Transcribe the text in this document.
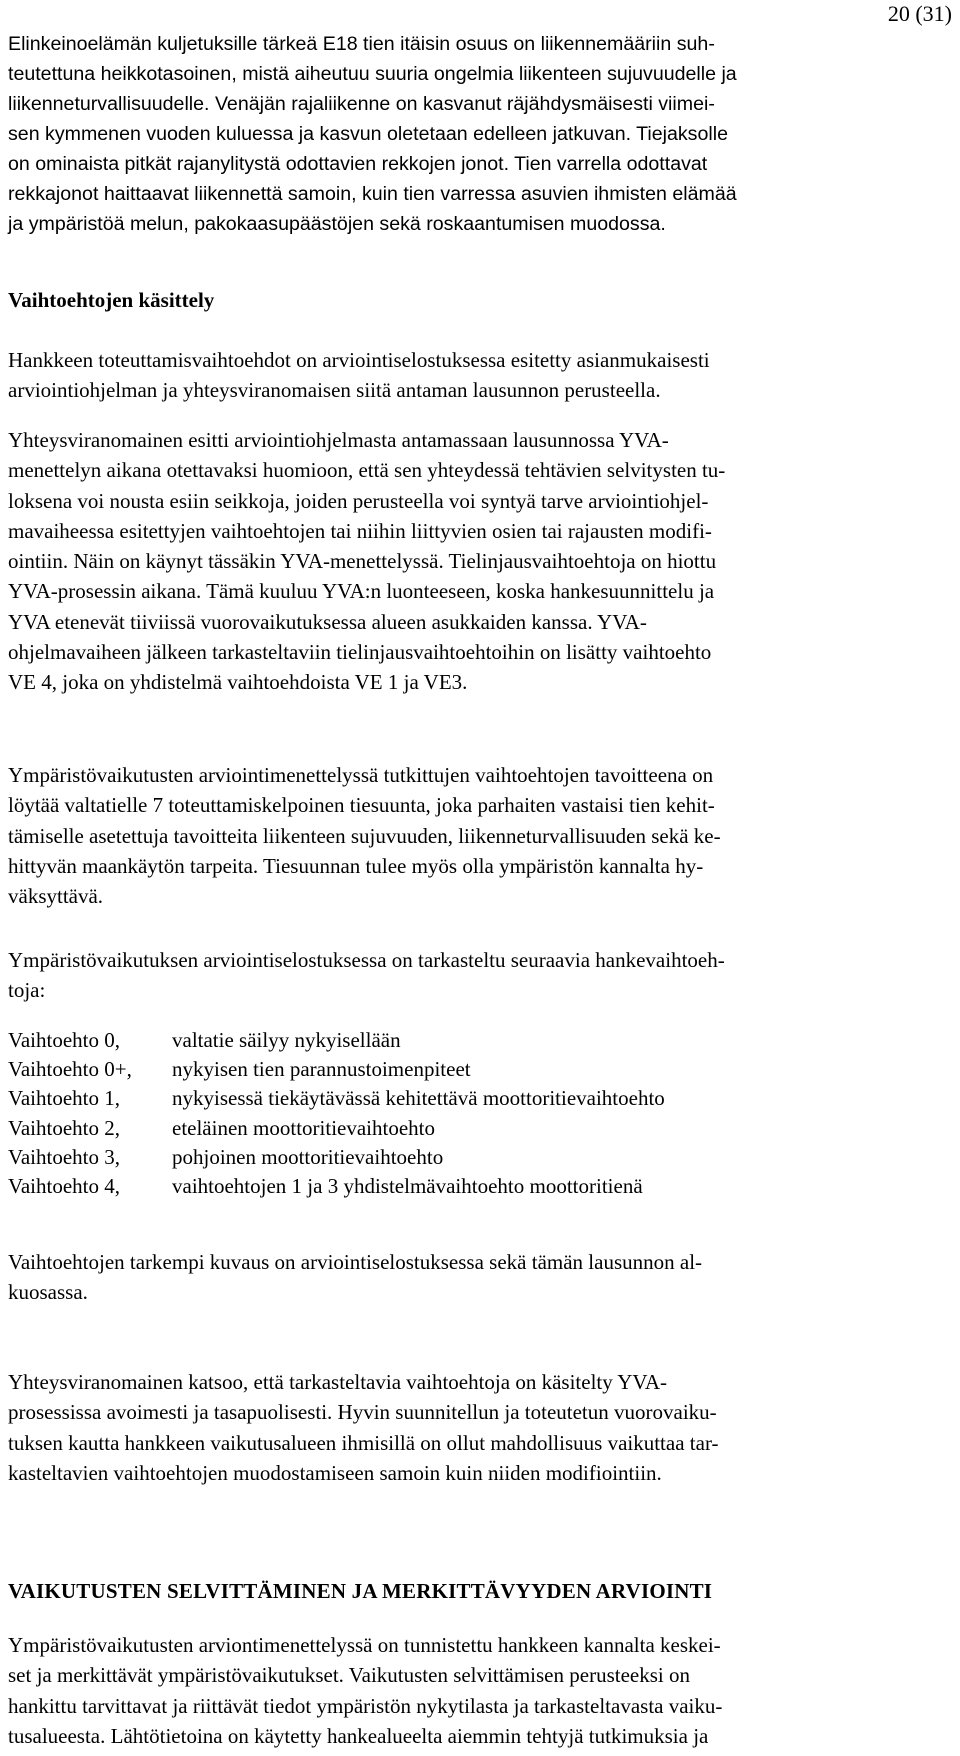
20 (31)

Elinkeinoelämän kuljetuksille tärkeä E18 tien itäisin osuus on liikennemääriin suh-
teutettuna heikkotasoinen, mistä aiheutuu suuria ongelmia liikenteen sujuvuudelle ja
liikenneturvallisuudelle. Venäjän rajaliikenne on kasvanut räjähdysmäisesti viimei-
sen kymmenen vuoden kuluessa ja kasvun oletetaan edelleen jatkuvan. Tiejaksolle
on ominaista pitkät rajanylitystä odottavien rekkojen jonot. Tien varrella odottavat
rekkajonot haittaavat liikennettä samoin, kuin tien varressa asuvien ihmisten elämää
ja ympäristöä melun, pakokaasupäästöjen sekä roskaantumisen muodossa.

Vaihtoehtojen käsittely

Hankkeen toteuttamisvaihtoehdot on arviointiselostuksessa esitetty asianmukaisesti
arviointiohjelman ja yhteysviranomaisen siitä antaman lausunnon perusteella.

Yhteysviranomainen esitti arviointiohjelmasta antamassaan lausunnossa YVA-
menettelyn aikana otettavaksi huomioon, että sen yhteydessä tehtävien selvitysten tu-
loksena voi nousta esiin seikkoja, joiden perusteella voi syntyä tarve arviointiohjel-
mavaiheessa esitettyjen vaihtoehtojen tai niihin liittyvien osien tai rajausten modifi-
ointiin. Näin on käynyt tässäkin YVA-menettelyssä. Tielinjausvaihtoehtoja on hiottu
YVA-prosessin aikana. Tämä kuuluu YVA:n luonteeseen, koska hankesuunnittelu ja
YVA etenevät tiiviissä vuorovaikutuksessa alueen asukkaiden kanssa. YVA-
ohjelmavaiheen jälkeen tarkasteltaviin tielinjausvaihtoehtoihin on lisätty vaihtoehto
VE 4, joka on yhdistelmä vaihtoehdoista VE 1 ja VE3.

Ympäristövaikutusten arviointimenettelyssä tutkittujen vaihtoehtojen tavoitteena on
löytää valtatielle 7 toteuttamiskelpoinen tiesuunta, joka parhaiten vastaisi tien kehit-
tämiselle asetettuja tavoitteita liikenteen sujuvuuden, liikenneturvallisuuden sekä ke-
hittyvän maankäytön tarpeita. Tiesuunnan tulee myös olla ympäristön kannalta hy-
väksyttävä.

Ympäristövaikutuksen arviointiselostuksessa on tarkasteltu seuraavia hankevaihtoeh-
toja:

Vaihtoehto 0,	valtatie säilyy nykyisellään
Vaihtoehto 0+,	nykyisen tien parannustoimenpiteet
Vaihtoehto 1,	nykyisessä tiekäytävässä kehitettävä moottoritievaihtoehto
Vaihtoehto 2,	eteläinen moottoritievaihtoehto
Vaihtoehto 3,	pohjoinen moottoritievaihtoehto
Vaihtoehto 4,	vaihtoehtojen 1 ja 3 yhdistelmävaihtoehto moottoritienä

Vaihtoehtojen tarkempi kuvaus on arviointiselostuksessa sekä tämän lausunnon al-
kuosassa.

Yhteysviranomainen katsoo, että tarkasteltavia vaihtoehtoja on käsitelty YVA-
prosessissa avoimesti ja tasapuolisesti. Hyvin suunnitellun ja toteutetun vuorovaiku-
tuksen kautta hankkeen vaikutusalueen ihmisillä on ollut mahdollisuus vaikuttaa tar-
kasteltavien vaihtoehtojen muodostamiseen samoin kuin niiden modifiointiin.

VAIKUTUSTEN SELVITTÄMINEN JA MERKITTÄVYYDEN ARVIOINTI

Ympäristövaikutusten arviontimenettelyssä on tunnistettu hankkeen kannalta keskei-
set ja merkittävät ympäristövaikutukset. Vaikutusten selvittämisen perusteeksi on
hankittu tarvittavat ja riittävät tiedot ympäristön nykytilasta ja tarkasteltavasta vaiku-
tusalueesta. Lähtötietoina on käytetty hankealueelta aiemmin tehtyjä tutkimuksia ja
